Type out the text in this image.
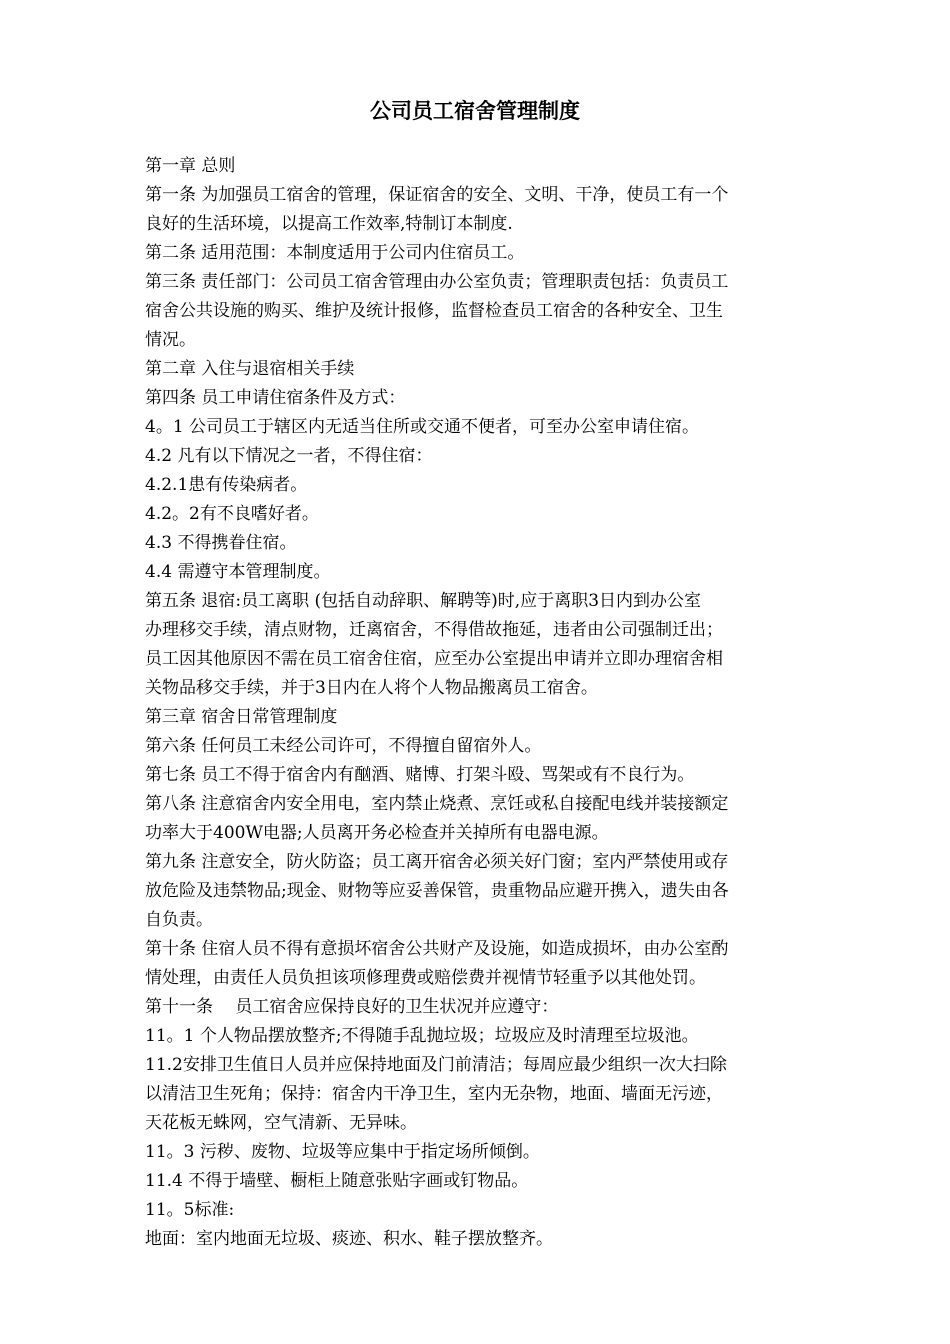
公司员工宿舍管理制度

第一章 总则

第一条 为加强员工宿舍的管理，保证宿舍的安全、文明、干净，使员工有一个

良好的生活环境，以提高工作效率,特制订本制度.

第二条 适用范围：本制度适用于公司内住宿员工。

第三条 责任部门：公司员工宿舍管理由办公室负责；管理职责包括：负责员工

宿舍公共设施的购买、维护及统计报修，监督检查员工宿舍的各种安全、卫生

情况。

第二章 入住与退宿相关手续

第四条 员工申请住宿条件及方式：

4。1 公司员工于辖区内无适当住所或交通不便者，可至办公室申请住宿。

4.2 凡有以下情况之一者，不得住宿：

4.2.1患有传染病者。

4.2。2有不良嗜好者。

4.3 不得携眷住宿。

4.4 需遵守本管理制度。

第五条 退宿:员工离职 (包括自动辞职、解聘等)时,应于离职3日内到办公室

办理移交手续，清点财物，迁离宿舍，不得借故拖延，违者由公司强制迁出；

员工因其他原因不需在员工宿舍住宿，应至办公室提出申请并立即办理宿舍相

关物品移交手续，并于3日内在人将个人物品搬离员工宿舍。

第三章 宿舍日常管理制度

第六条 任何员工未经公司许可，不得擅自留宿外人。

第七条 员工不得于宿舍内有酗酒、赌博、打架斗殴、骂架或有不良行为。

第八条 注意宿舍内安全用电，室内禁止烧煮、烹饪或私自接配电线并装接额定

功率大于400W电器;人员离开务必检查并关掉所有电器电源。

第九条 注意安全，防火防盗；员工离开宿舍必须关好门窗；室内严禁使用或存

放危险及违禁物品;现金、财物等应妥善保管，贵重物品应避开携入，遗失由各

自负责。

第十条 住宿人员不得有意损坏宿舍公共财产及设施，如造成损坏，由办公室酌

情处理，由责任人员负担该项修理费或赔偿费并视情节轻重予以其他处罚。

第十一条　 员工宿舍应保持良好的卫生状况并应遵守：

11。1 个人物品摆放整齐;不得随手乱抛垃圾；垃圾应及时清理至垃圾池。

11.2安排卫生值日人员并应保持地面及门前清洁；每周应最少组织一次大扫除

以清洁卫生死角；保持：宿舍内干净卫生，室内无杂物，地面、墙面无污迹，

天花板无蛛网，空气清新、无异味。

11。3 污秽、废物、垃圾等应集中于指定场所倾倒。

11.4 不得于墙壁、橱柜上随意张贴字画或钉物品。

11。5标准:

地面：室内地面无垃圾、痰迹、积水、鞋子摆放整齐。
